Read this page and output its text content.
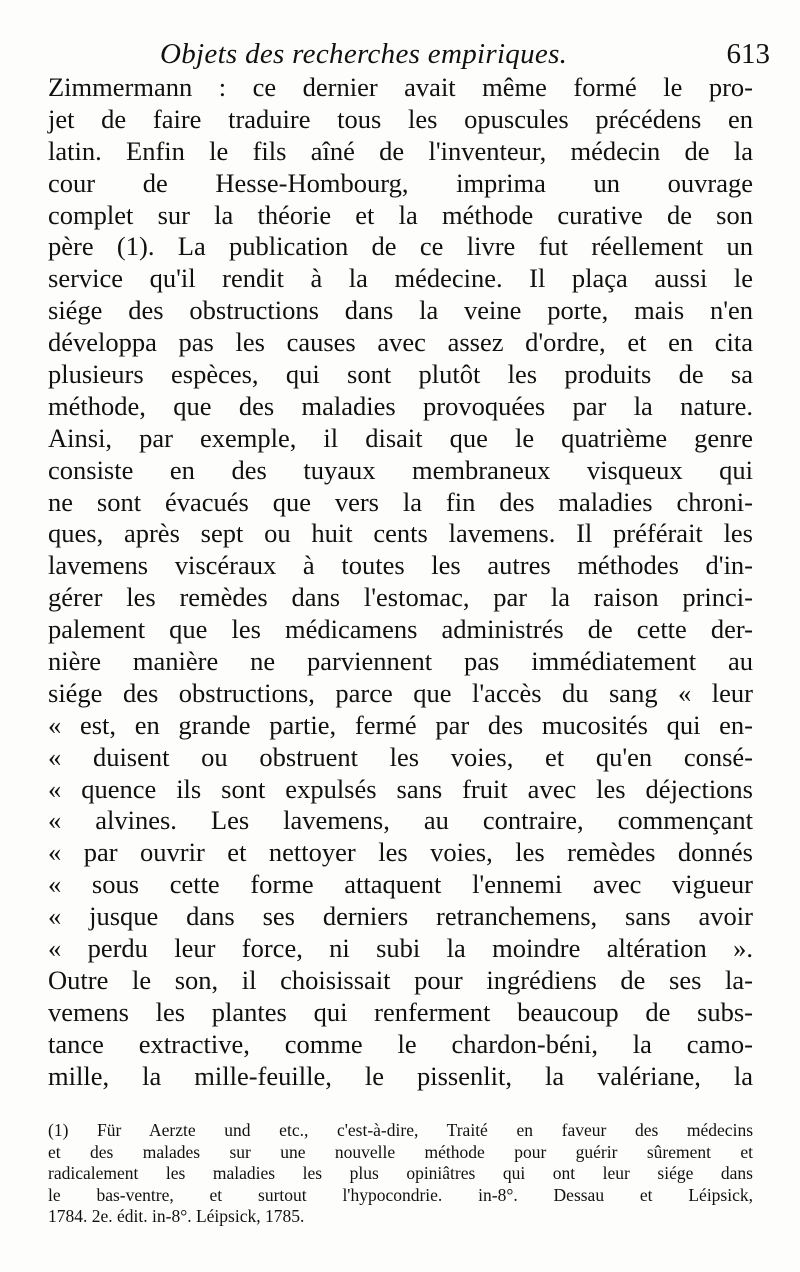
Objets des recherches empiriques.	613
Zimmermann : ce dernier avait même formé le pro-
jet de faire traduire tous les opuscules précédens en
latin. Enfin le fils aîné de l'inventeur, médecin de la
cour de Hesse-Hombourg, imprima un ouvrage
complet sur la théorie et la méthode curative de son
père (1). La publication de ce livre fut réellement un
service qu'il rendit à la médecine. Il plaça aussi le
siége des obstructions dans la veine porte, mais n'en
développa pas les causes avec assez d'ordre, et en cita
plusieurs espèces, qui sont plutôt les produits de sa
méthode, que des maladies provoquées par la nature.
Ainsi, par exemple, il disait que le quatrième genre
consiste en des tuyaux membraneux visqueux qui
ne sont évacués que vers la fin des maladies chroni-
ques, après sept ou huit cents lavemens. Il préférait les
lavemens viscéraux à toutes les autres méthodes d'in-
gérer les remèdes dans l'estomac, par la raison princi-
palement que les médicamens administrés de cette der-
nière manière ne parviennent pas immédiatement au
siége des obstructions, parce que l'accès du sang « leur
« est, en grande partie, fermé par des mucosités qui en-
« duisent ou obstruent les voies, et qu'en consé-
« quence ils sont expulsés sans fruit avec les déjections
« alvines. Les lavemens, au contraire, commençant
« par ouvrir et nettoyer les voies, les remèdes donnés
« sous cette forme attaquent l'ennemi avec vigueur
« jusque dans ses derniers retranchemens, sans avoir
« perdu leur force, ni subi la moindre altération ».
Outre le son, il choisissait pour ingrédiens de ses la-
vemens les plantes qui renferment beaucoup de subs-
tance extractive, comme le chardon-béni, la camo-
mille, la mille-feuille, le pissenlit, la valériane, la
(1) Für Aerzte und etc., c'est-à-dire, Traité en faveur des médecins
et des malades sur une nouvelle méthode pour guérir sûrement et
radicalement les maladies les plus opiniâtres qui ont leur siége dans
le bas-ventre, et surtout l'hypocondrie. in-8°. Dessau et Léipsick,
1784. 2e. édit. in-8°. Léipsick, 1785.
